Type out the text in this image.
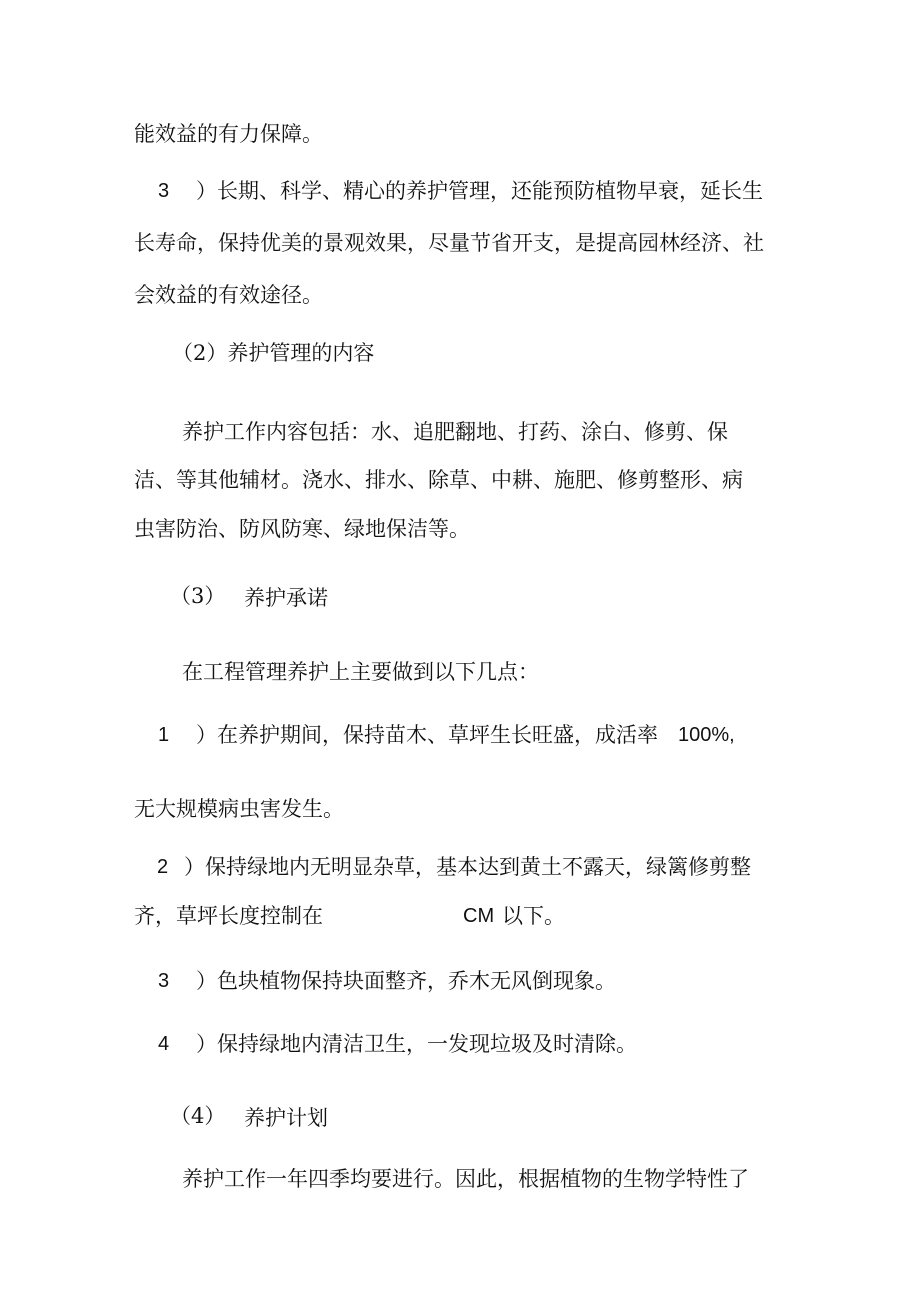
能效益的有力保障。
3 ）长期、科学、精心的养护管理，还能预防植物早衰，延长生
长寿命，保持优美的景观效果，尽量节省开支，是提高园林经济、社
会效益的有效途径。
（2）养护管理的内容
养护工作内容包括：水、追肥翻地、打药、涂白、修剪、保
洁、等其他辅材。浇水、排水、除草、中耕、施肥、修剪整形、病
虫害防治、防风防寒、绿地保洁等。
（3） 养护承诺
在工程管理养护上主要做到以下几点：
1 ）在养护期间，保持苗木、草坪生长旺盛，成活率 100%,
无大规模病虫害发生。
2 ）保持绿地内无明显杂草，基本达到黄土不露天，绿篱修剪整
齐，草坪长度控制在	CM 以下。
3 ）色块植物保持块面整齐，乔木无风倒现象。
4 ）保持绿地内清洁卫生，一发现垃圾及时清除。
（4） 养护计划
养护工作一年四季均要进行。因此，根据植物的生物学特性了
